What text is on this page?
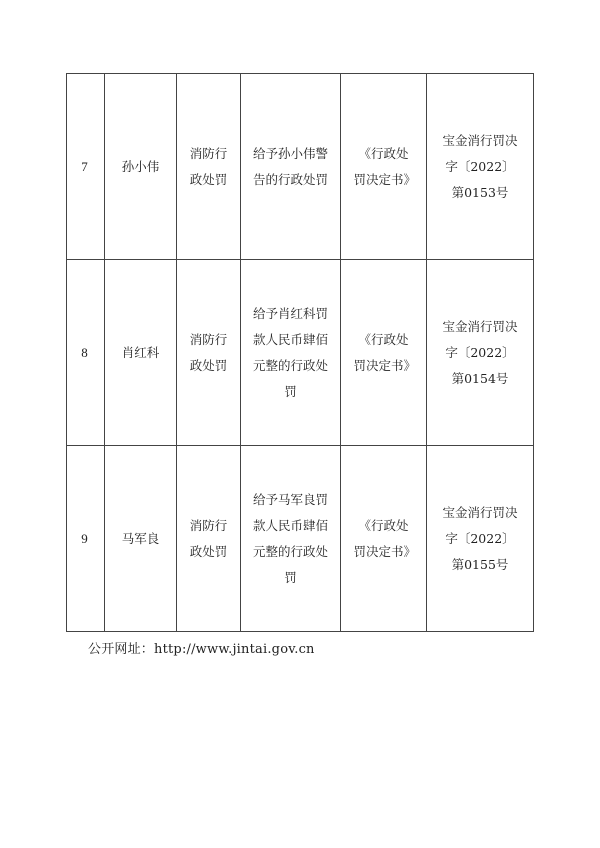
7	孙小伟	消防行政处罚	给予孙小伟警告的行政处罚	《行政处罚决定书》	宝金消行罚决字〔2022〕第0153号

8	肖红科	消防行政处罚	给予肖红科罚款人民币肆佰元整的行政处罚	《行政处罚决定书》	宝金消行罚决字〔2022〕第0154号

9	马军良	消防行政处罚	给予马军良罚款人民币肆佰元整的行政处罚	《行政处罚决定书》	宝金消行罚决字〔2022〕第0155号
公开网址：http://www.jintai.gov.cn
